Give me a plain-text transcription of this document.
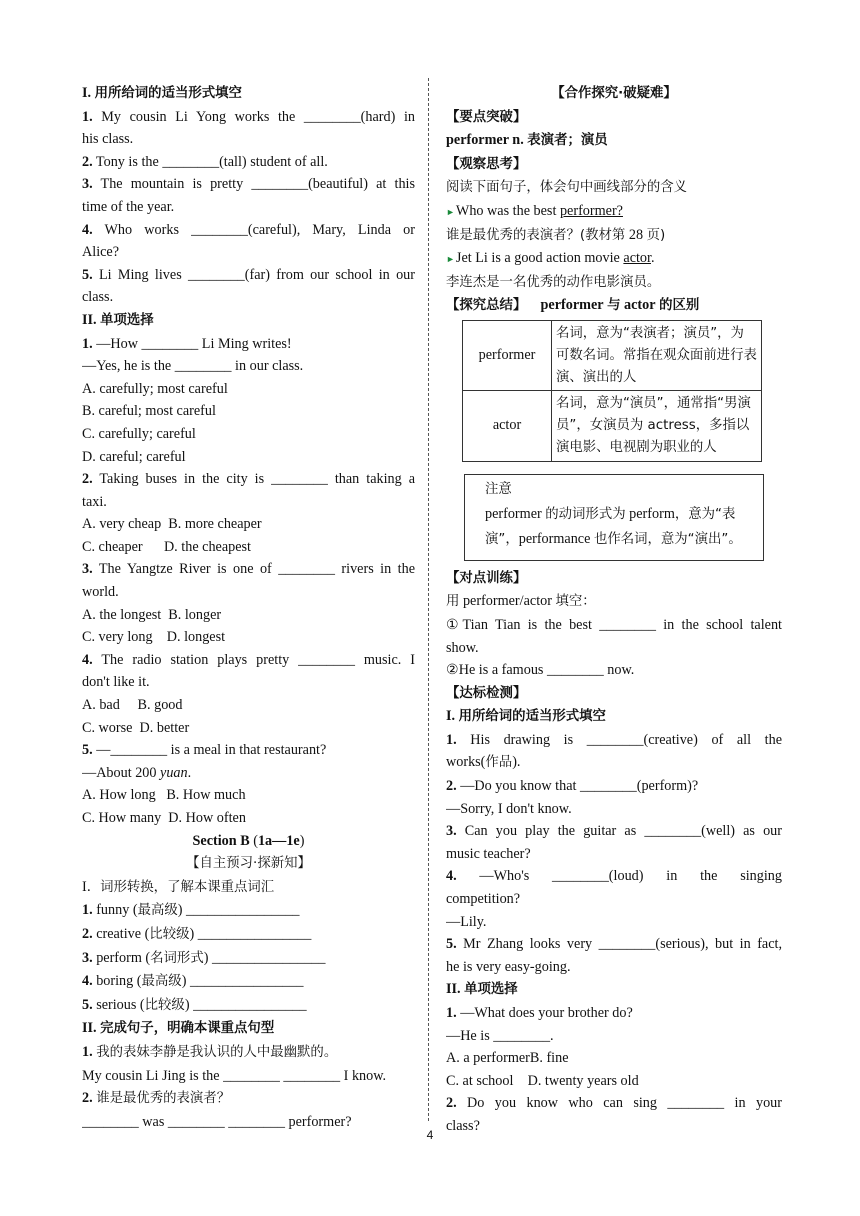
I. 用所给词的适当形式填空
1. My cousin Li Yong works the ________(hard) in
his class.
2. Tony is the ________(tall) student of all.
3. The mountain is pretty ________(beautiful) at this
time of the year.
4. Who works ________(careful), Mary, Linda or
Alice?
5. Li Ming lives ________(far) from our school in our
class.
II. 单项选择
1. —How ________ Li Ming writes!
—Yes, he is the ________ in our class.
A. carefully; most careful
B. careful; most careful
C. carefully; careful
D. careful; careful
2. Taking buses in the city is ________ than taking a
taxi.
A. very cheap  B. more cheaper
C. cheaper      D. the cheapest
3. The Yangtze River is one of ________ rivers in the
world.
A. the longest  B. longer
C. very long    D. longest
4. The radio station plays pretty ________ music. I
don't like it.
A. bad     B. good
C. worse  D. better
5. —________ is a meal in that restaurant?
—About 200 yuan.
A. How long   B. How much
C. How many  D. How often
Section B (1a—1e)
【自主预习·探新知】
I．词形转换，了解本课重点词汇
1. funny (最高级) ________________
2. creative (比较级) ________________
3. perform (名词形式) ________________
4. boring (最高级) ________________
5. serious (比较级) ________________
II. 完成句子，明确本课重点句型
1. 我的表妹李静是我认识的人中最幽默的。
My cousin Li Jing is the ________ ________ I know.
2. 谁是最优秀的表演者？
________ was ________ ________ performer?
【合作探究·破疑难】
【要点突破】
performer n. 表演者；演员
【观察思考】
阅读下面句子，体会句中画线部分的含义
►Who was the best performer?
谁是最优秀的表演者？(教材第 28 页)
►Jet Li is a good action movie actor.
李连杰是一名优秀的动作电影演员。
【探究总结】 performer 与 actor 的区别
performer	名词，意为“表演者；演员”，为可数名词。常指在观众面前进行表演、演出的人
actor	名词，意为“演员”，通常指“男演员”，女演员为 actress，多指以演电影、电视剧为职业的人
注意
performer 的动词形式为 perform，意为“表演”，performance 也作名词，意为“演出”。
【对点训练】
用 performer/actor 填空：
①Tian Tian is the best ________ in the school talent
show.
②He is a famous ________ now.
【达标检测】
I. 用所给词的适当形式填空
1. His drawing is ________(creative) of all the
works(作品).
2. —Do you know that ________(perform)?
—Sorry, I don't know.
3. Can you play the guitar as ________(well) as our
music teacher?
4. —Who's ________(loud) in the singing
competition?
—Lily.
5. Mr Zhang looks very ________(serious), but in fact,
he is very easy-going.
II. 单项选择
1. —What does your brother do?
—He is ________.
A. a performerB. fine
C. at school    D. twenty years old
2. Do you know who can sing ________ in your
class?
4
